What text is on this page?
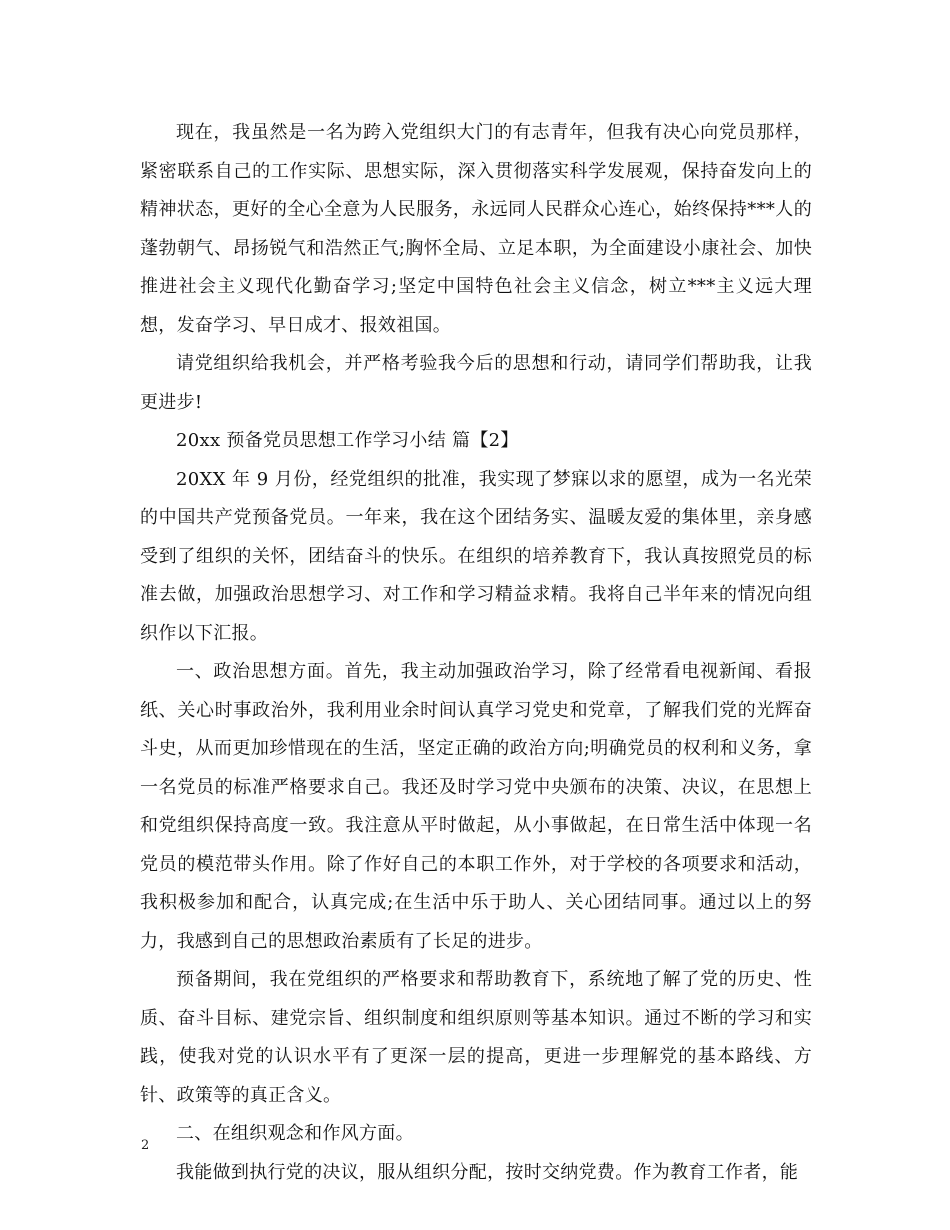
现在，我虽然是一名为跨入党组织大门的有志青年，但我有决心向党员那样，紧密联系自己的工作实际、思想实际，深入贯彻落实科学发展观，保持奋发向上的精神状态，更好的全心全意为人民服务，永远同人民群众心连心，始终保持***人的蓬勃朝气、昂扬锐气和浩然正气;胸怀全局、立足本职，为全面建设小康社会、加快推进社会主义现代化勤奋学习;坚定中国特色社会主义信念，树立***主义远大理想，发奋学习、早日成才、报效祖国。

请党组织给我机会，并严格考验我今后的思想和行动，请同学们帮助我，让我更进步!

20xx 预备党员思想工作学习小结 篇【2】

20XX 年 9 月份，经党组织的批准，我实现了梦寐以求的愿望，成为一名光荣的中国共产党预备党员。一年来，我在这个团结务实、温暖友爱的集体里，亲身感受到了组织的关怀，团结奋斗的快乐。在组织的培养教育下，我认真按照党员的标准去做，加强政治思想学习、对工作和学习精益求精。我将自己半年来的情况向组织作以下汇报。

一、政治思想方面。首先，我主动加强政治学习，除了经常看电视新闻、看报纸、关心时事政治外，我利用业余时间认真学习党史和党章，了解我们党的光辉奋斗史，从而更加珍惜现在的生活，坚定正确的政治方向;明确党员的权利和义务，拿一名党员的标准严格要求自己。我还及时学习党中央颁布的决策、决议，在思想上和党组织保持高度一致。我注意从平时做起，从小事做起，在日常生活中体现一名党员的模范带头作用。除了作好自己的本职工作外，对于学校的各项要求和活动，我积极参加和配合，认真完成;在生活中乐于助人、关心团结同事。通过以上的努力，我感到自己的思想政治素质有了长足的进步。

预备期间，我在党组织的严格要求和帮助教育下，系统地了解了党的历史、性质、奋斗目标、建党宗旨、组织制度和组织原则等基本知识。通过不断的学习和实践，使我对党的认识水平有了更深一层的提高，更进一步理解党的基本路线、方针、政策等的真正含义。

二、在组织观念和作风方面。

我能做到执行党的决议，服从组织分配，按时交纳党费。作为教育工作者，能

2
